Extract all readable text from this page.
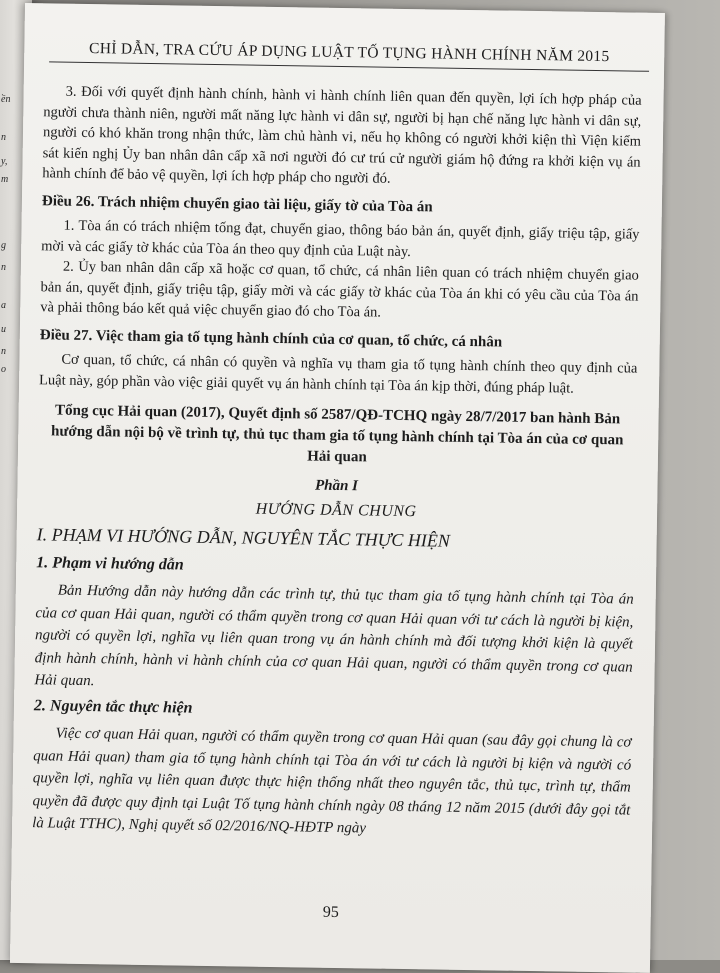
ền
n
y,
m
g
n
a
u
n
o
CHỈ DẪN, TRA CỨU ÁP DỤNG LUẬT TỐ TỤNG HÀNH CHÍNH NĂM 2015

3. Đối với quyết định hành chính, hành vi hành chính liên quan đến quyền, lợi ích hợp pháp của người chưa thành niên, người mất năng lực hành vi dân sự, người bị hạn chế năng lực hành vi dân sự, người có khó khăn trong nhận thức, làm chủ hành vi, nếu họ không có người khởi kiện thì Viện kiểm sát kiến nghị Ủy ban nhân dân cấp xã nơi người đó cư trú cử người giám hộ đứng ra khởi kiện vụ án hành chính để bảo vệ quyền, lợi ích hợp pháp cho người đó.

Điều 26. Trách nhiệm chuyển giao tài liệu, giấy tờ của Tòa án

1. Tòa án có trách nhiệm tống đạt, chuyển giao, thông báo bản án, quyết định, giấy triệu tập, giấy mời và các giấy tờ khác của Tòa án theo quy định của Luật này.

2. Ủy ban nhân dân cấp xã hoặc cơ quan, tổ chức, cá nhân liên quan có trách nhiệm chuyển giao bản án, quyết định, giấy triệu tập, giấy mời và các giấy tờ khác của Tòa án khi có yêu cầu của Tòa án và phải thông báo kết quả việc chuyển giao đó cho Tòa án.

Điều 27. Việc tham gia tố tụng hành chính của cơ quan, tổ chức, cá nhân

Cơ quan, tổ chức, cá nhân có quyền và nghĩa vụ tham gia tố tụng hành chính theo quy định của Luật này, góp phần vào việc giải quyết vụ án hành chính tại Tòa án kịp thời, đúng pháp luật.

Tổng cục Hải quan (2017), Quyết định số 2587/QĐ-TCHQ ngày 28/7/2017 ban hành Bản hướng dẫn nội bộ về trình tự, thủ tục tham gia tố tụng hành chính tại Tòa án của cơ quan Hải quan

Phần I

HƯỚNG DẪN CHUNG

I. PHẠM VI HƯỚNG DẪN, NGUYÊN TẮC THỰC HIỆN

1. Phạm vi hướng dẫn

Bản Hướng dẫn này hướng dẫn các trình tự, thủ tục tham gia tố tụng hành chính tại Tòa án của cơ quan Hải quan, người có thẩm quyền trong cơ quan Hải quan với tư cách là người bị kiện, người có quyền lợi, nghĩa vụ liên quan trong vụ án hành chính mà đối tượng khởi kiện là quyết định hành chính, hành vi hành chính của cơ quan Hải quan, người có thẩm quyền trong cơ quan Hải quan.

2. Nguyên tắc thực hiện

Việc cơ quan Hải quan, người có thẩm quyền trong cơ quan Hải quan (sau đây gọi chung là cơ quan Hải quan) tham gia tố tụng hành chính tại Tòa án với tư cách là người bị kiện và người có quyền lợi, nghĩa vụ liên quan được thực hiện thống nhất theo nguyên tắc, thủ tục, trình tự, thẩm quyền đã được quy định tại Luật Tố tụng hành chính ngày 08 tháng 12 năm 2015 (dưới đây gọi tắt là Luật TTHC), Nghị quyết số 02/2016/NQ-HĐTP ngày

95
